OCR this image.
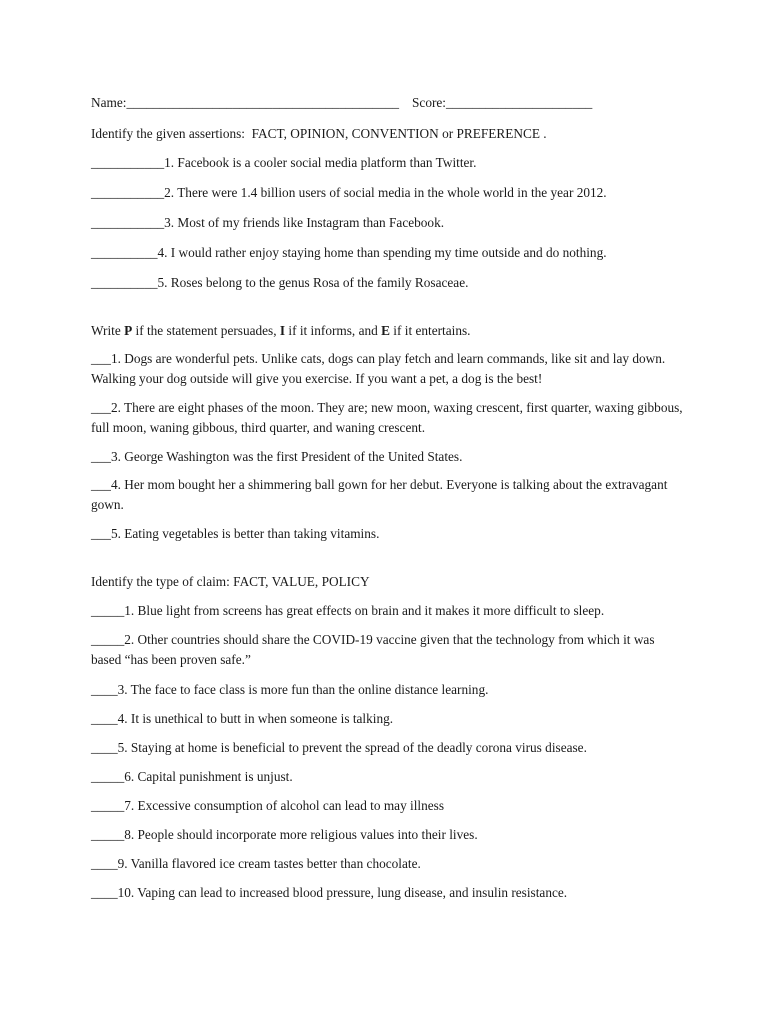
Name:_________________________________________ Score:______________________
Identify the given assertions:  FACT, OPINION, CONVENTION or PREFERENCE .
___________1. Facebook is a cooler social media platform than Twitter.
___________2. There were 1.4 billion users of social media in the whole world in the year 2012.
___________3. Most of my friends like Instagram than Facebook.
__________4. I would rather enjoy staying home than spending my time outside and do nothing.
__________5. Roses belong to the genus Rosa of the family Rosaceae.
Write P if the statement persuades, I if it informs, and E if it entertains.
___1. Dogs are wonderful pets. Unlike cats, dogs can play fetch and learn commands, like sit and lay down. Walking your dog outside will give you exercise. If you want a pet, a dog is the best!
___2. There are eight phases of the moon. They are; new moon, waxing crescent, first quarter, waxing gibbous, full moon, waning gibbous, third quarter, and waning crescent.
___3. George Washington was the first President of the United States.
___4. Her mom bought her a shimmering ball gown for her debut. Everyone is talking about the extravagant gown.
___5. Eating vegetables is better than taking vitamins.
Identify the type of claim: FACT, VALUE, POLICY
_____1. Blue light from screens has great effects on brain and it makes it more difficult to sleep.
_____2. Other countries should share the COVID-19 vaccine given that the technology from which it was based “has been proven safe.”
____3. The face to face class is more fun than the online distance learning.
____4. It is unethical to butt in when someone is talking.
____5. Staying at home is beneficial to prevent the spread of the deadly corona virus disease.
_____6. Capital punishment is unjust.
_____7. Excessive consumption of alcohol can lead to may illness
_____8. People should incorporate more religious values into their lives.
____9. Vanilla flavored ice cream tastes better than chocolate.
____10. Vaping can lead to increased blood pressure, lung disease, and insulin resistance.
